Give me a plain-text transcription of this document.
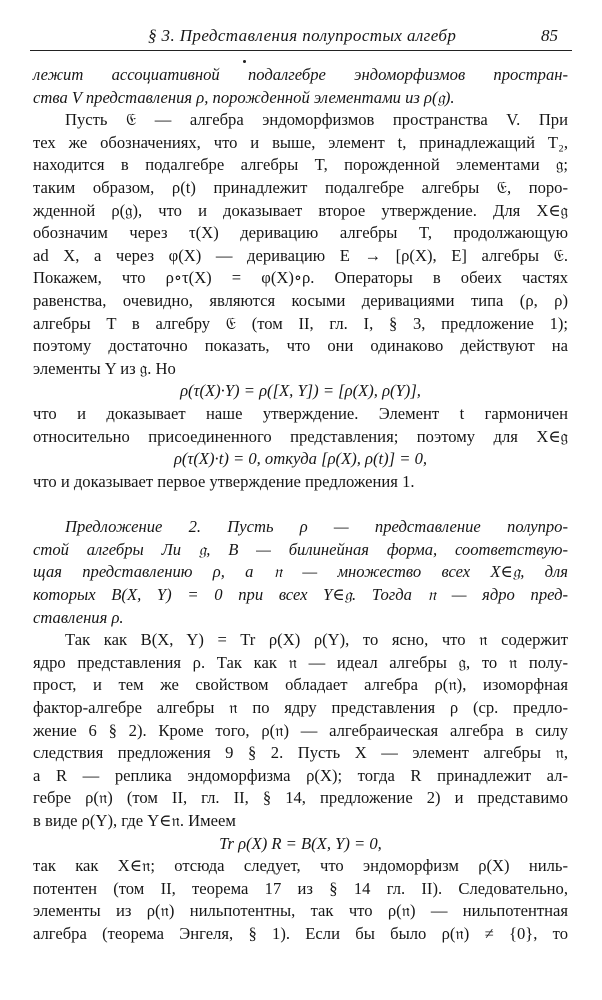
§ 3. Представления полупростых алгебр	85
лежит ассоциативной подалгебре эндоморфизмов простран-
ства V представления ρ, порожденной элементами из ρ(𝔤).
Пусть 𝔈 — алгебра эндоморфизмов пространства V. При
тех же обозначениях, что и выше, элемент t, принадлежащий T₂,
находится в подалгебре алгебры T, порожденной элементами 𝔤;
таким образом, ρ(t) принадлежит подалгебре алгебры 𝔈, поро-
жденной ρ(𝔤), что и доказывает второе утверждение. Для X∈𝔤
обозначим через τ(X) деривацию алгебры T, продолжающую
ad X, а через φ(X) — деривацию E → [ρ(X), E] алгебры 𝔈.
Покажем, что ρ∘τ(X) = φ(X)∘ρ. Операторы в обеих частях
равенства, очевидно, являются косыми деривациями типа (ρ, ρ)
алгебры T в алгебру 𝔈 (том II, гл. I, § 3, предложение 1);
поэтому достаточно показать, что они одинаково действуют на
элементы Y из 𝔤. Но
ρ(τ(X)·Y) = ρ([X, Y]) = [ρ(X), ρ(Y)],
что и доказывает наше утверждение. Элемент t гармоничен
относительно присоединенного представления; поэтому для X∈𝔤
ρ(τ(X)·t) = 0, откуда [ρ(X), ρ(t)] = 0,
что и доказывает первое утверждение предложения 1.
Предложение 2. Пусть ρ — представление полупро-
стой алгебры Ли 𝔤, B — билинейная форма, соответствую-
щая представлению ρ, а 𝔫 — множество всех X∈𝔤, для
которых B(X, Y) = 0 при всех Y∈𝔤. Тогда 𝔫 — ядро пред-
ставления ρ.
Так как B(X, Y) = Tr ρ(X) ρ(Y), то ясно, что 𝔫 содержит
ядро представления ρ. Так как 𝔫 — идеал алгебры 𝔤, то 𝔫 полу-
прост, и тем же свойством обладает алгебра ρ(𝔫), изоморфная
фактор-алгебре алгебры 𝔫 по ядру представления ρ (ср. предло-
жение 6 § 2). Кроме того, ρ(𝔫) — алгебраическая алгебра в силу
следствия предложения 9 § 2. Пусть X — элемент алгебры 𝔫,
а R — реплика эндоморфизма ρ(X); тогда R принадлежит ал-
гебре ρ(𝔫) (том II, гл. II, § 14, предложение 2) и представимо
в виде ρ(Y), где Y∈𝔫. Имеем
Tr ρ(X) R = B(X, Y) = 0,
так как X∈𝔫; отсюда следует, что эндоморфизм ρ(X) ниль-
потентен (том II, теорема 17 из § 14 гл. II). Следовательно,
элементы из ρ(𝔫) нильпотентны, так что ρ(𝔫) — нильпотентная
алгебра (теорема Энгеля, § 1). Если бы было ρ(𝔫) ≠ {0}, то
